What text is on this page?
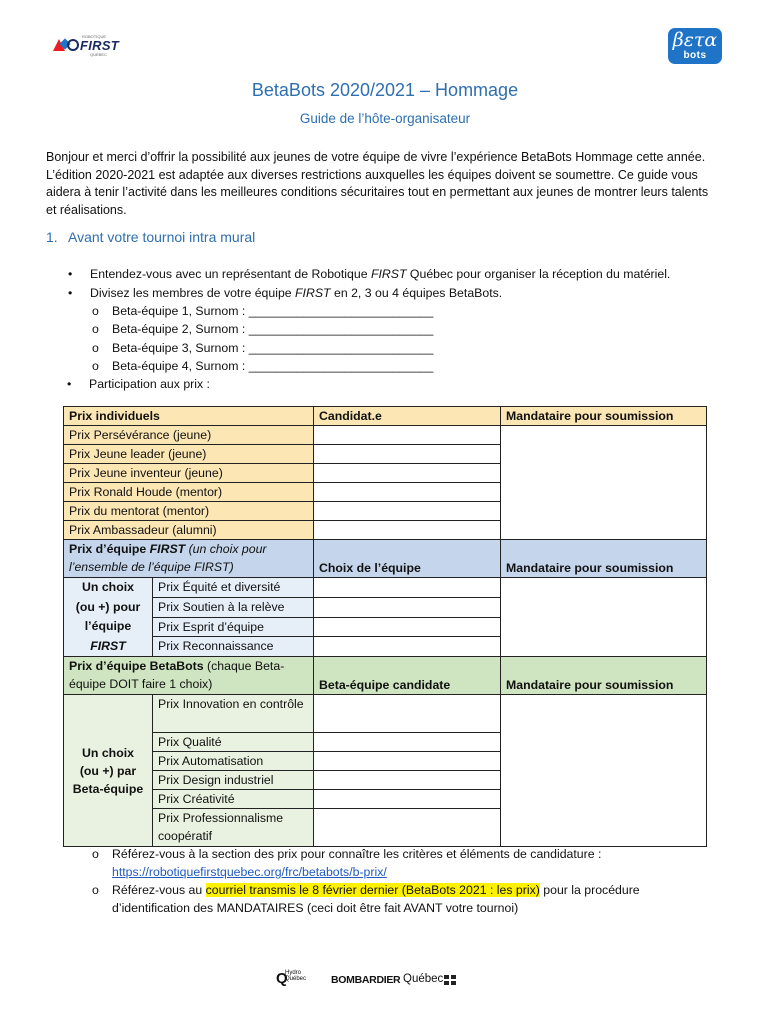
ROBOTIQUE
FIRST
QUÉBEC
βετα
bots
BetaBots 2020/2021 – Hommage
Guide de l’hôte-organisateur

Bonjour et merci d’offrir la possibilité aux jeunes de votre équipe de vivre l’expérience BetaBots Hommage cette année. L’édition 2020-2021 est adaptée aux diverses restrictions auxquelles les équipes doivent se soumettre. Ce guide vous aidera à tenir l’activité dans les meilleures conditions sécuritaires tout en permettant aux jeunes de montrer leurs talents et réalisations.

1. Avant votre tournoi intra mural
• Entendez-vous avec un représentant de Robotique FIRST Québec pour organiser la réception du matériel.
• Divisez les membres de votre équipe FIRST en 2, 3 ou 4 équipes BetaBots.
o Beta-équipe 1, Surnom : ___________________________
o Beta-équipe 2, Surnom : ___________________________
o Beta-équipe 3, Surnom : ___________________________
o Beta-équipe 4, Surnom : ___________________________
• Participation aux prix :
Prix individuels		Candidat.e	Mandataire pour soumission
Prix Persévérance (jeune)			
Prix Jeune leader (jeune)			
Prix Jeune inventeur (jeune)			
Prix Ronald Houde (mentor)			
Prix du mentorat (mentor)			
Prix Ambassadeur (alumni)			
Prix d’équipe FIRST (un choix pour l’ensemble de l’équipe FIRST)		Choix de l’équipe	Mandataire pour soumission
Un choix
(ou +) pour
l’équipe
FIRST	Prix Équité et diversité		
	Prix Soutien à la relève		
	Prix Esprit d’équipe		
	Prix Reconnaissance		
Prix d’équipe BetaBots (chaque Beta-équipe DOIT faire 1 choix)		Beta-équipe candidate	Mandataire pour soumission
Un choix
(ou +) par
Beta-équipe	Prix Innovation en contrôle		
	Prix Qualité		
	Prix Automatisation		
	Prix Design industriel		
	Prix Créativité		
	Prix Professionnalisme coopératif		
o Référez-vous à la section des prix pour connaître les critères et éléments de candidature :
https://robotiquefirstquebec.org/frc/betabots/b-prix/
o Référez-vous au courriel transmis le 8 février dernier (BetaBots 2021 : les prix) pour la procédure
d’identification des MANDATAIRES (ceci doit être fait AVANT votre tournoi)
Q
Hydro Québec	BOMBARDIER Québec
